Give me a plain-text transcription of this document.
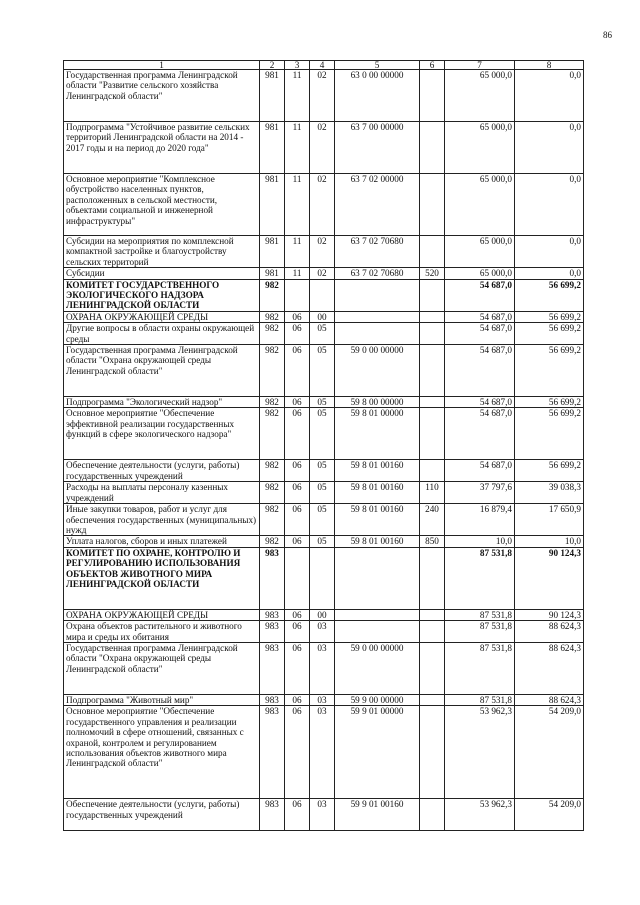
86
1	2	3	4	5	6	7	8
Государственная программа Ленинградской области "Развитие сельского хозяйства Ленинградской области"	981	11	02	63 0 00 00000		65 000,0	0,0
Подпрограмма "Устойчивое развитие сельских территорий Ленинградской области на 2014 - 2017 годы и на период до 2020 года"	981	11	02	63 7 00 00000		65 000,0	0,0
Основное мероприятие "Комплексное обустройство населенных пунктов, расположенных в сельской местности, объектами социальной и инженерной инфраструктуры"	981	11	02	63 7 02 00000		65 000,0	0,0
Субсидии на мероприятия по комплексной компактной застройке и благоустройству сельских территорий	981	11	02	63 7 02 70680		65 000,0	0,0
Субсидии	981	11	02	63 7 02 70680	520	65 000,0	0,0
КОМИТЕТ ГОСУДАРСТВЕННОГО ЭКОЛОГИЧЕСКОГО НАДЗОРА ЛЕНИНГРАДСКОЙ ОБЛАСТИ	982					54 687,0	56 699,2
ОХРАНА ОКРУЖАЮЩЕЙ СРЕДЫ	982	06	00			54 687,0	56 699,2
Другие вопросы в области охраны окружающей среды	982	06	05			54 687,0	56 699,2
Государственная программа Ленинградской области "Охрана окружающей среды Ленинградской области"	982	06	05	59 0 00 00000		54 687,0	56 699,2
Подпрограмма "Экологический надзор"	982	06	05	59 8 00 00000		54 687,0	56 699,2
Основное мероприятие "Обеспечение эффективной реализации государственных функций в сфере экологического надзора"	982	06	05	59 8 01 00000		54 687,0	56 699,2
Обеспечение деятельности (услуги, работы) государственных учреждений	982	06	05	59 8 01 00160		54 687,0	56 699,2
Расходы на выплаты персоналу казенных учреждений	982	06	05	59 8 01 00160	110	37 797,6	39 038,3
Иные закупки товаров, работ и услуг для обеспечения государственных (муниципальных) нужд	982	06	05	59 8 01 00160	240	16 879,4	17 650,9
Уплата налогов, сборов и иных платежей	982	06	05	59 8 01 00160	850	10,0	10,0
КОМИТЕТ ПО ОХРАНЕ, КОНТРОЛЮ И РЕГУЛИРОВАНИЮ ИСПОЛЬЗОВАНИЯ ОБЪЕКТОВ ЖИВОТНОГО МИРА ЛЕНИНГРАДСКОЙ ОБЛАСТИ	983					87 531,8	90 124,3
ОХРАНА ОКРУЖАЮЩЕЙ СРЕДЫ	983	06	00			87 531,8	90 124,3
Охрана объектов растительного и животного мира и среды их обитания	983	06	03			87 531,8	88 624,3
Государственная программа Ленинградской области "Охрана окружающей среды Ленинградской области"	983	06	03	59 0 00 00000		87 531,8	88 624,3
Подпрограмма "Животный мир"	983	06	03	59 9 00 00000		87 531,8	88 624,3
Основное мероприятие "Обеспечение государственного управления и реализации полномочий в сфере отношений, связанных с охраной, контролем и регулированием использования объектов животного мира Ленинградской области"	983	06	03	59 9 01 00000		53 962,3	54 209,0
Обеспечение деятельности (услуги, работы) государственных учреждений	983	06	03	59 9 01 00160		53 962,3	54 209,0
